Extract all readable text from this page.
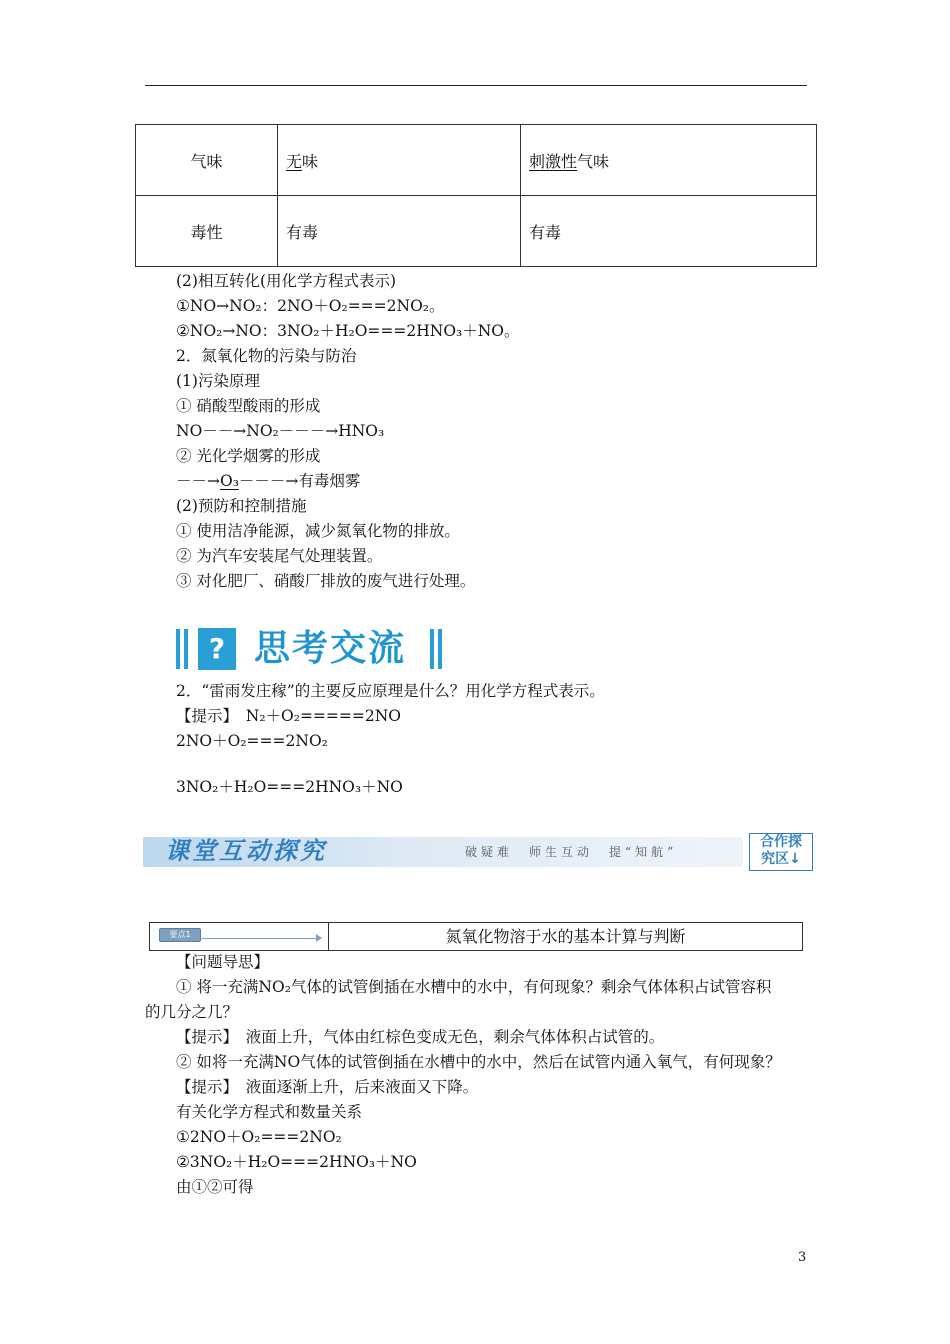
气味	无味	刺激性气味
毒性	有毒	有毒
(2)相互转化(用化学方程式表示)
①NO→NO₂：2NO＋O₂===2NO₂。
②NO₂→NO：3NO₂＋H₂O===2HNO₃＋NO。
2．氮氧化物的污染与防治
(1)污染原理
① 硝酸型酸雨的形成
NO－－→NO₂－－－→HNO₃
② 光化学烟雾的形成
－－→O₃－－－→有毒烟雾
(2)预防和控制措施
① 使用洁净能源，减少氮氧化物的排放。
② 为汽车安装尾气处理装置。
③ 对化肥厂、硝酸厂排放的废气进行处理。
? 思考交流
2．“雷雨发庄稼”的主要反应原理是什么？用化学方程式表示。
【提示】　N₂＋O₂=====2NO
2NO＋O₂===2NO₂
3NO₂＋H₂O===2HNO₃＋NO
课堂互动探究	破疑难　师生互动　提“知航”
合作探
究区↓
要点1	氮氧化物溶于水的基本计算与判断
【问题导思】
① 将一充满NO₂气体的试管倒插在水槽中的水中，有何现象？剩余气体体积占试管容积
的几分之几？
【提示】　液面上升，气体由红棕色变成无色，剩余气体体积占试管的。
② 如将一充满NO气体的试管倒插在水槽中的水中，然后在试管内通入氧气，有何现象？
【提示】　液面逐渐上升，后来液面又下降。
有关化学方程式和数量关系
①2NO＋O₂===2NO₂
②3NO₂＋H₂O===2HNO₃＋NO
由①②可得
3
